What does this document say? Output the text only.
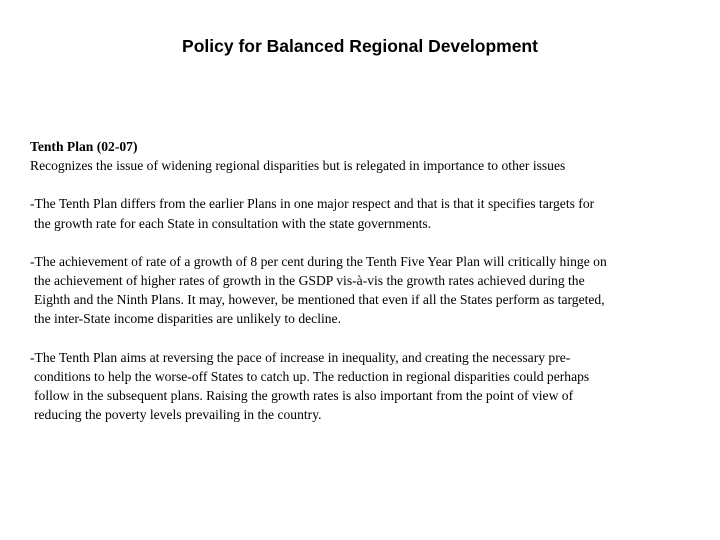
Policy for Balanced Regional Development
Tenth Plan (02-07)
Recognizes the issue of widening regional disparities but is relegated in importance to other issues
-The Tenth Plan differs from the earlier Plans in one major respect and that is that it specifies targets for
the growth rate for each State in consultation with the state governments.
-The achievement of rate of a growth of 8 per cent during the Tenth Five Year Plan will critically hinge on
the achievement of higher rates of growth in the GSDP vis-à-vis the growth rates achieved during the
Eighth and the Ninth Plans. It may, however, be mentioned that even if all the States perform as targeted,
the inter-State income disparities are unlikely to decline.
-The Tenth Plan aims at reversing the pace of increase in inequality, and creating the necessary pre-
conditions to help the worse-off States to catch up. The reduction in regional disparities could perhaps
follow in the subsequent plans. Raising the growth rates is also important from the point of view of
reducing the poverty levels prevailing in the country.
